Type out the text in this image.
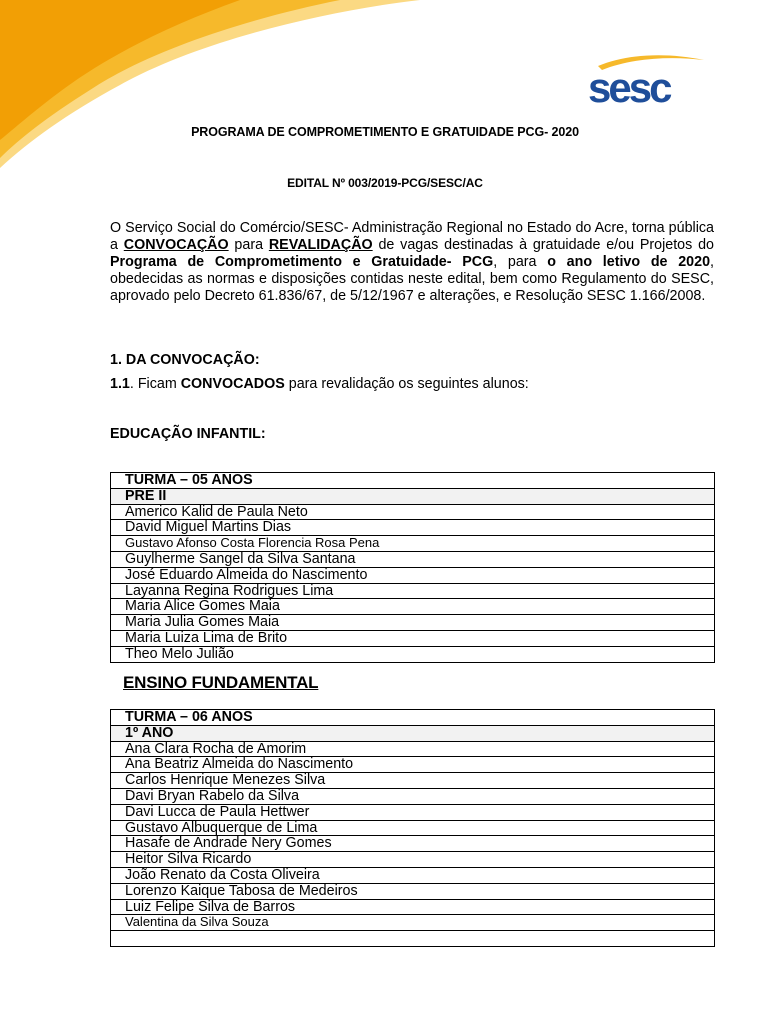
sesc
PROGRAMA DE COMPROMETIMENTO E GRATUIDADE PCG- 2020
EDITAL Nº 003/2019-PCG/SESC/AC

O Serviço Social do Comércio/SESC- Administração Regional no Estado do Acre, torna pública a CONVOCAÇÃO para REVALIDAÇÃO de vagas destinadas à gratuidade e/ou Projetos do Programa de Comprometimento e Gratuidade- PCG, para o ano letivo de 2020, obedecidas as normas e disposições contidas neste edital, bem como Regulamento do SESC, aprovado pelo Decreto 61.836/67, de 5/12/1967 e alterações, e Resolução SESC 1.166/2008.

1. DA CONVOCAÇÃO:
1.1. Ficam CONVOCADOS para revalidação os seguintes alunos:
EDUCAÇÃO INFANTIL:
TURMA – 05 ANOS
PRE II
Americo Kalid de Paula Neto
David Miguel Martins Dias
Gustavo Afonso Costa Florencia Rosa Pena
Guylherme Sangel da Silva Santana
José Eduardo Almeida do Nascimento
Layanna Regina Rodrigues Lima
Maria Alice Gomes Maia
Maria Julia Gomes Maia
Maria Luiza Lima de Brito
Theo Melo Julião
ENSINO FUNDAMENTAL
TURMA – 06 ANOS
1º ANO
Ana Clara Rocha de Amorim
Ana Beatriz Almeida do Nascimento
Carlos Henrique Menezes Silva
Davi Bryan Rabelo da Silva
Davi Lucca de Paula Hettwer
Gustavo Albuquerque de Lima
Hasafe de Andrade Nery Gomes
Heitor Silva Ricardo
João Renato da Costa Oliveira
Lorenzo Kaique Tabosa de Medeiros
Luiz Felipe Silva de Barros
Valentina da Silva Souza
